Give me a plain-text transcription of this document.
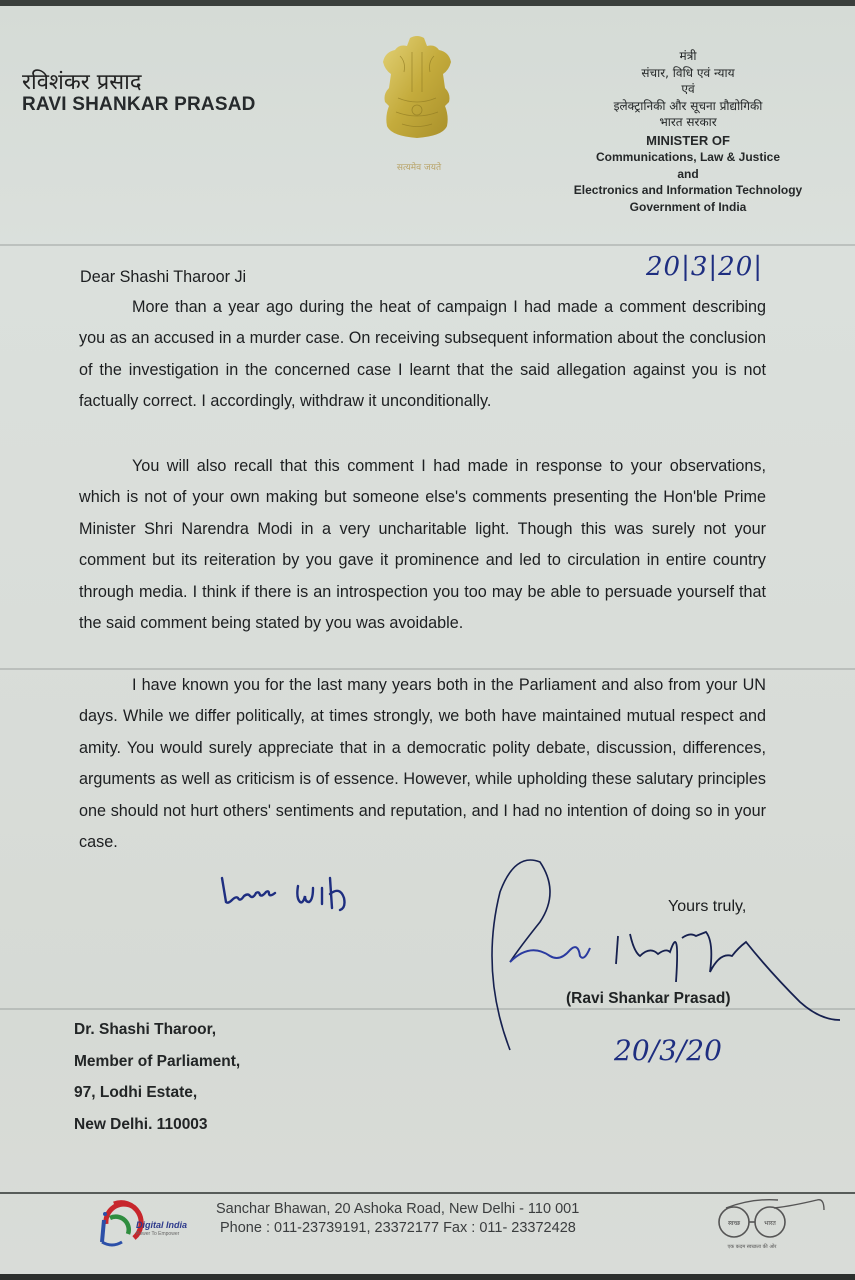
रविशंकर प्रसाद
RAVI SHANKAR PRASAD
सत्यमेव जयते
मंत्री
संचार, विधि एवं न्याय
एवं
इलेक्ट्रानिकी और सूचना प्रौद्योगिकी
भारत सरकार
MINISTER OF
Communications, Law & Justice
and
Electronics and Information Technology
Government of India
20|3|20|
Dear Shashi Tharoor Ji
More than a year ago during the heat of campaign I had made a comment describing you as an accused in a murder case. On receiving subsequent information about the conclusion of the investigation in the concerned case I learnt that the said allegation against you is not factually correct. I accordingly, withdraw it unconditionally.
You will also recall that this comment I had made in response to your observations, which is not of your own making but someone else's comments presenting the Hon'ble Prime Minister Shri Narendra Modi in a very uncharitable light. Though this was surely not your comment but its reiteration by you gave it prominence and led to circulation in entire country through media. I think if there is an introspection you too may be able to persuade yourself that the said comment being stated by you was avoidable.
I have known you for the last many years both in the Parliament and also from your UN days. While we differ politically, at times strongly, we both have maintained mutual respect and amity. You would surely appreciate that in a democratic polity debate, discussion, differences, arguments as well as criticism is of essence. However, while upholding these salutary principles one should not hurt others' sentiments and reputation, and I had no intention of doing so in your case.
Yours truly,
(Ravi Shankar Prasad)
20/3/20
Dr. Shashi Tharoor,
Member of Parliament,
97, Lodhi Estate,
New Delhi. 110003
Digital India
Power To Empower
Sanchar Bhawan, 20 Ashoka Road, New Delhi - 110 001
Phone : 011-23739191, 23372177 Fax : 011- 23372428	स्वच्छ	भारत
एक कदम स्वच्छता की ओर
